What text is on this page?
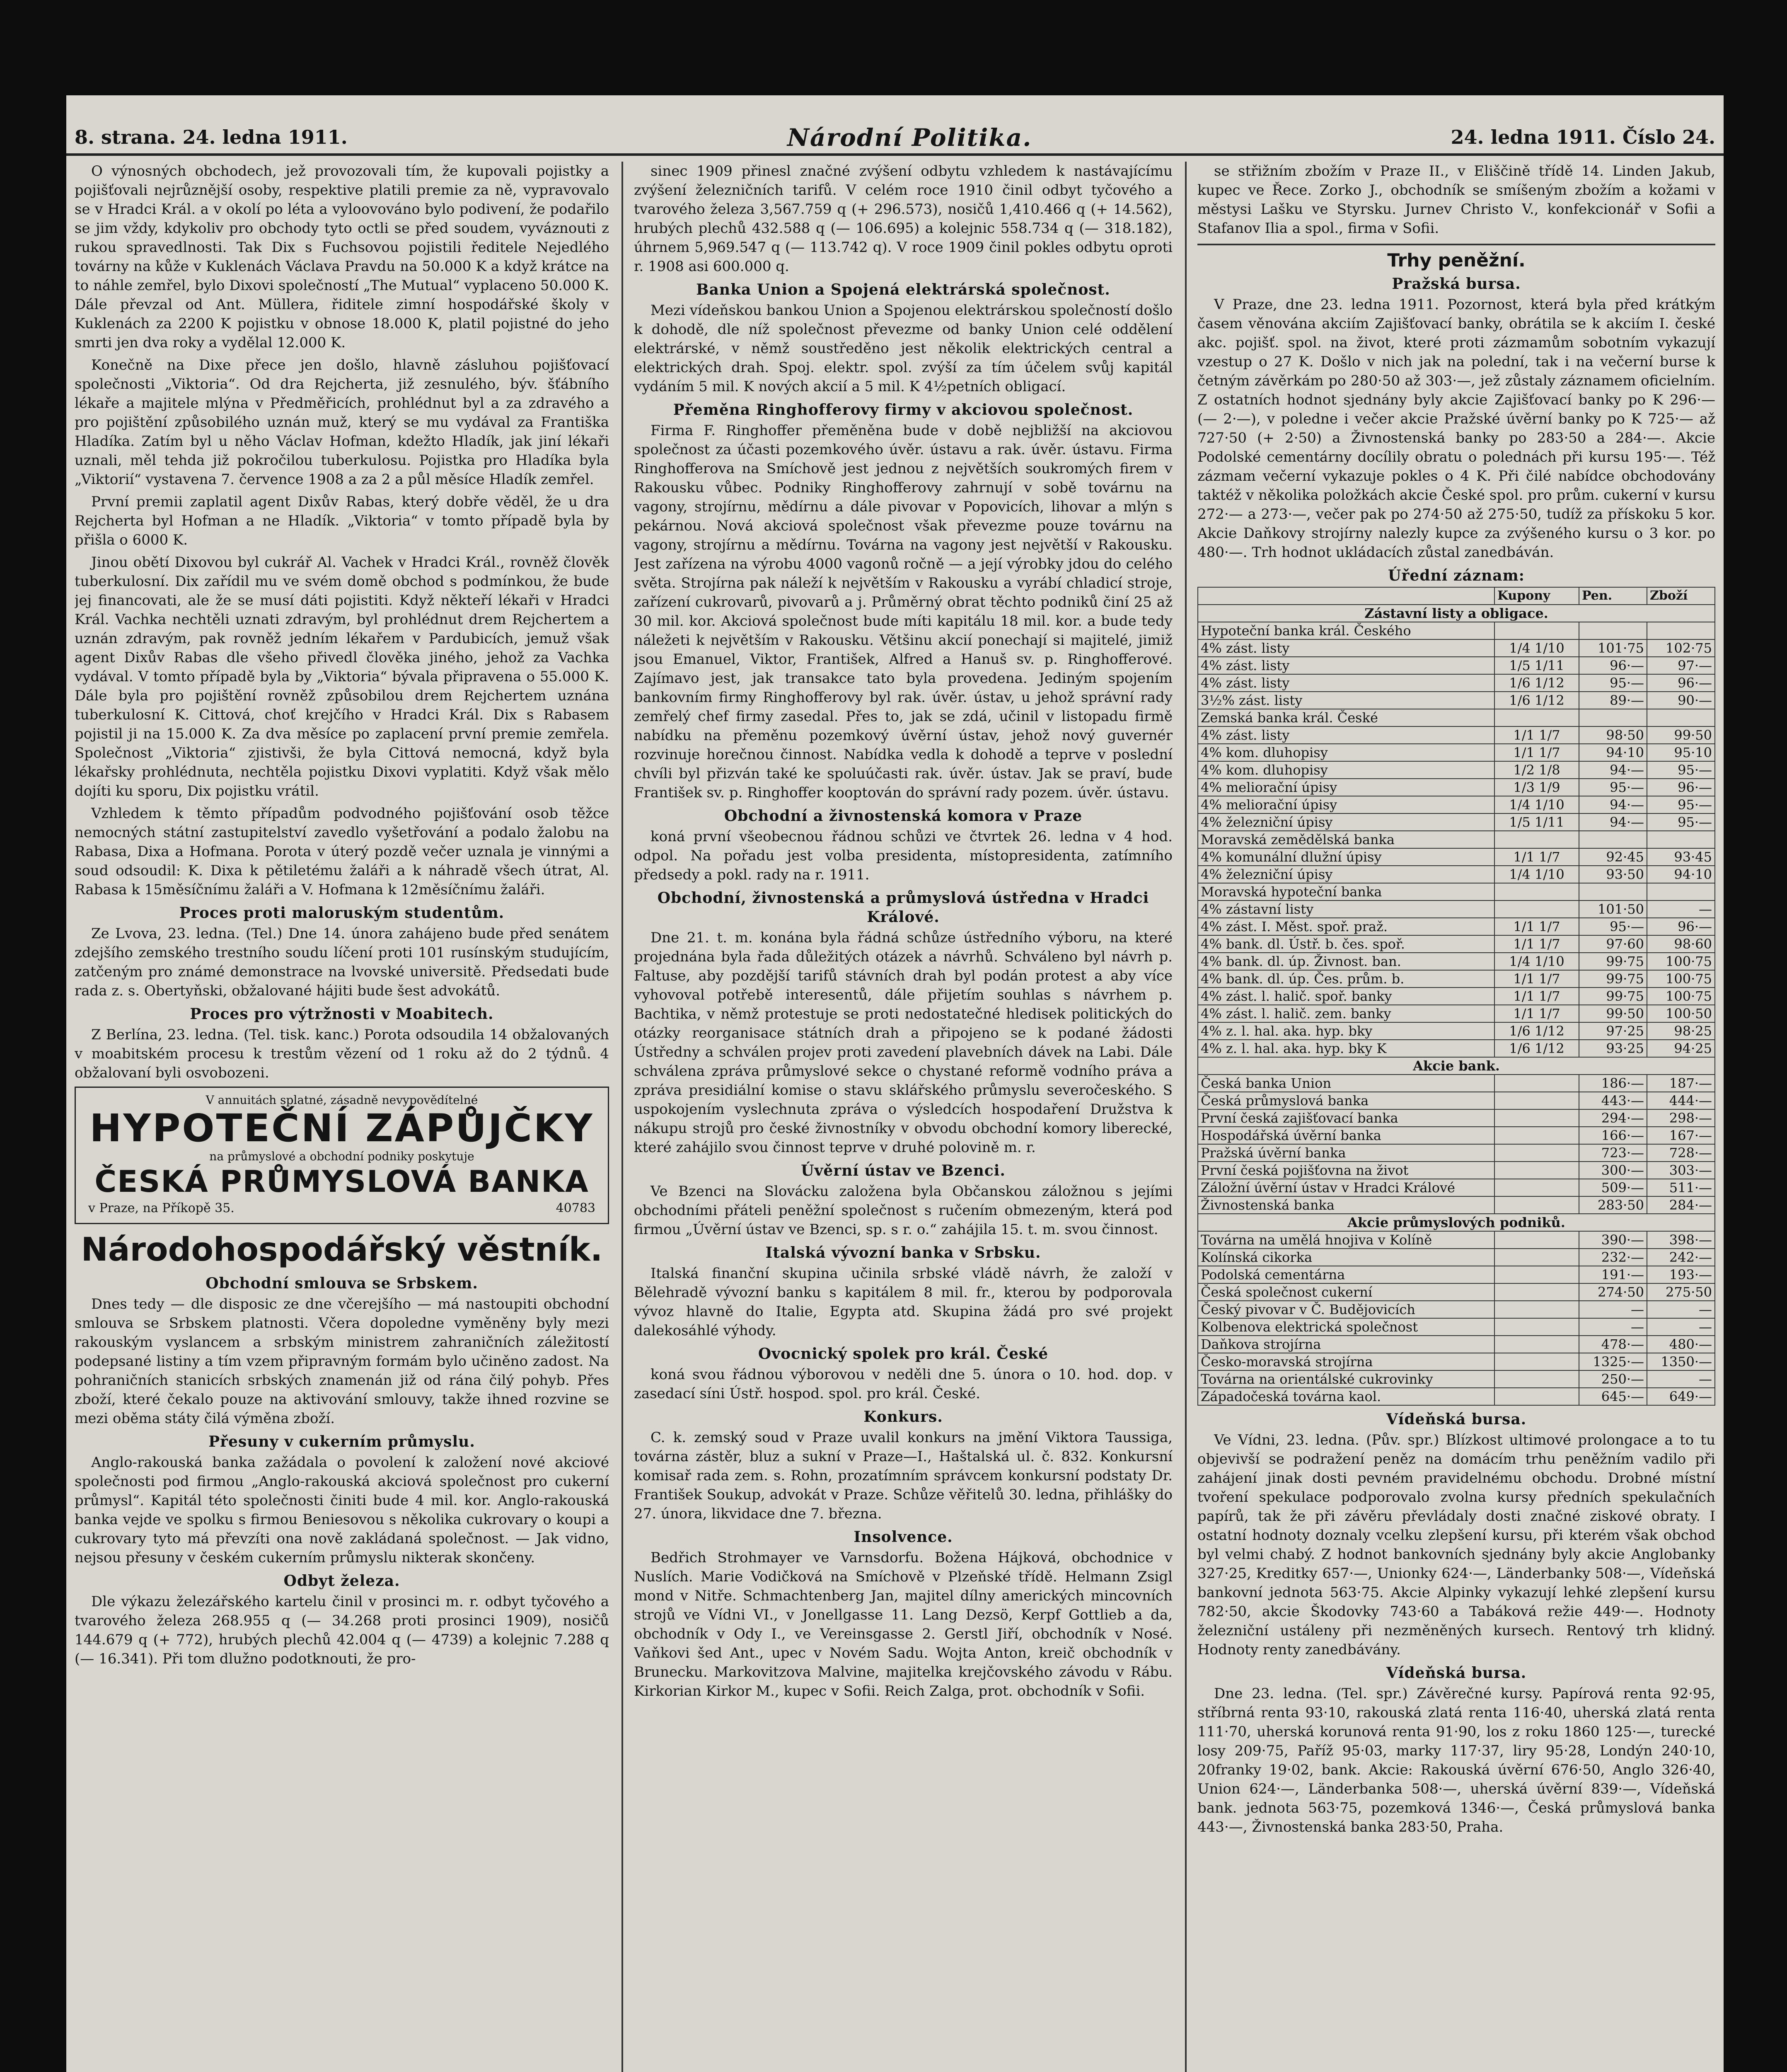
8. strana. 24. ledna 1911.	Národní Politika.	24. ledna 1911. Číslo 24.

O výnosných obchodech, jež provozovali tím, že kupovali pojistky a pojišťovali nejrůznější osoby, respektive platili premie za ně, vypravovalo se v Hradci Král. a v okolí po léta a vyloovováno bylo podivení, že podařilo se jim vždy, kdykoliv pro obchody tyto octli se před soudem, vyváznouti z rukou spravedlnosti. Tak Dix s Fuchsovou pojistili ředitele Nejedlého továrny na kůže v Kuklenách Václava Pravdu na 50.000 K a když krátce na to náhle zemřel, bylo Dixovi společností „The Mutual“ vyplaceno 50.000 K. Dále převzal od Ant. Müllera, řiditele zimní hospodářské školy v Kuklenách za 2200 K pojistku v obnose 18.000 K, platil pojistné do jeho smrti jen dva roky a vydělal 12.000 K.

Konečně na Dixe přece jen došlo, hlavně zásluhou pojišťovací společnosti „Viktoria“. Od dra Rejcherta, již zesnulého, býv. šťábního lékaře a majitele mlýna v Předměřicích, prohlédnut byl a za zdravého a pro pojištění způsobilého uznán muž, který se mu vydával za Františka Hladíka. Zatím byl u něho Václav Hofman, kdežto Hladík, jak jiní lékaři uznali, měl tehda již pokročilou tuberkulosu. Pojistka pro Hladíka byla „Viktorií“ vystavena 7. července 1908 a za 2 a půl měsíce Hladík zemřel.

První premii zaplatil agent Dixův Rabas, který dobře věděl, že u dra Rejcherta byl Hofman a ne Hladík. „Viktoria“ v tomto případě byla by přišla o 6000 K.

Jinou obětí Dixovou byl cukrář Al. Vachek v Hradci Král., rovněž člověk tuberkulosní. Dix zařídil mu ve svém domě obchod s podmínkou, že bude jej financovati, ale že se musí dáti pojistiti. Když někteří lékaři v Hradci Král. Vachka nechtěli uznati zdravým, byl prohlédnut drem Rejchertem a uznán zdravým, pak rovněž jedním lékařem v Pardubicích, jemuž však agent Dixův Rabas dle všeho přivedl člověka jiného, jehož za Vachka vydával. V tomto případě byla by „Viktoria“ bývala připravena o 55.000 K. Dále byla pro pojištění rovněž způsobilou drem Rejchertem uznána tuberkulosní K. Cittová, choť krejčího v Hradci Král. Dix s Rabasem pojistil ji na 15.000 K. Za dva měsíce po zaplacení první premie zemřela. Společnost „Viktoria“ zjistivši, že byla Cittová nemocná, když byla lékařsky prohlédnuta, nechtěla pojistku Dixovi vyplatiti. Když však mělo dojíti ku sporu, Dix pojistku vrátil.

Vzhledem k těmto případům podvodného pojišťování osob těžce nemocných státní zastupitelství zavedlo vyšetřování a podalo žalobu na Rabasa, Dixa a Hofmana. Porota v úterý pozdě večer uznala je vinnými a soud odsoudil: K. Dixa k pětiletému žaláři a k náhradě všech útrat, Al. Rabasa k 15měsíčnímu žaláři a V. Hofmana k 12měsíčnímu žaláři.

Proces proti maloruským studentům.

Ze Lvova, 23. ledna. (Tel.) Dne 14. února zahájeno bude před senátem zdejšího zemského trestního soudu líčení proti 101 rusínským studujícím, zatčeným pro známé demonstrace na lvovské universitě. Předsedati bude rada z. s. Obertyňski, obžalované hájiti bude šest advokátů.

Proces pro výtržnosti v Moabitech.

Z Berlína, 23. ledna. (Tel. tisk. kanc.) Porota odsoudila 14 obžalovaných v moabitském procesu k trestům vězení od 1 roku až do 2 týdnů. 4 obžalovaní byli osvobozeni.

V annuitách splatné, zásadně nevypovědítelné
HYPOTEČNÍ ZÁPŮJČKY
na průmyslové a obchodní podniky poskytuje
ČESKÁ PRŮMYSLOVÁ BANKA
v Praze, na Příkopě 35.	40783
Národohospodářský věstník.
Obchodní smlouva se Srbskem.

Dnes tedy — dle disposic ze dne včerejšího — má nastoupiti obchodní smlouva se Srbskem platnosti. Včera dopoledne vyměněny byly mezi rakouským vyslancem a srbským ministrem zahraničních záležitostí podepsané listiny a tím vzem připravným formám bylo učiněno zadost. Na pohraničních stanicích srbských znamenán již od rána čilý pohyb. Přes zboží, které čekalo pouze na aktivování smlouvy, takže ihned rozvine se mezi oběma státy čilá výměna zboží.

Přesuny v cukerním průmyslu.

Anglo-rakouská banka zažádala o povolení k založení nové akciové společnosti pod firmou „Anglo-rakouská akciová společnost pro cukerní průmysl“. Kapitál této společnosti činiti bude 4 mil. kor. Anglo-rakouská banka vejde ve spolku s firmou Beniesovou s několika cukrovary o koupi a cukrovary tyto má převzíti ona nově zakládaná společnost. — Jak vidno, nejsou přesuny v českém cukerním průmyslu nikterak skončeny.

Odbyt železa.

Dle výkazu železářského kartelu činil v prosinci m. r. odbyt tyčového a tvarového železa 268.955 q (— 34.268 proti prosinci 1909), nosičů 144.679 q (+ 772), hrubých plechů 42.004 q (— 4739) a kolejnic 7.288 q (— 16.341). Při tom dlužno podotknouti, že pro-

sinec 1909 přinesl značné zvýšení odbytu vzhledem k nastávajícímu zvýšení železničních tarifů. V celém roce 1910 činil odbyt tyčového a tvarového železa 3,567.759 q (+ 296.573), nosičů 1,410.466 q (+ 14.562), hrubých plechů 432.588 q (— 106.695) a kolejnic 558.734 q (— 318.182), úhrnem 5,969.547 q (— 113.742 q). V roce 1909 činil pokles odbytu oproti r. 1908 asi 600.000 q.

Banka Union a Spojená elektrárská společnost.

Mezi vídeňskou bankou Union a Spojenou elektrárskou společností došlo k dohodě, dle níž společnost převezme od banky Union celé oddělení elektrárské, v němž soustředěno jest několik elektrických central a elektrických drah. Spoj. elektr. spol. zvýší za tím účelem svůj kapitál vydáním 5 mil. K nových akcií a 5 mil. K 4½petních obligací.

Přeměna Ringhofferovy firmy v akciovou společnost.

Firma F. Ringhoffer přeměněna bude v době nejbližší na akciovou společnost za účasti pozemkového úvěr. ústavu a rak. úvěr. ústavu. Firma Ringhofferova na Smíchově jest jednou z největších soukromých firem v Rakousku vůbec. Podniky Ringhofferovy zahrnují v sobě továrnu na vagony, strojírnu, mědírnu a dále pivovar v Popovicích, lihovar a mlýn s pekárnou. Nová akciová společnost však převezme pouze továrnu na vagony, strojírnu a mědírnu. Továrna na vagony jest největší v Rakousku. Jest zařízena na výrobu 4000 vagonů ročně — a její výrobky jdou do celého světa. Strojírna pak náleží k největším v Rakousku a vyrábí chladicí stroje, zařízení cukrovarů, pivovarů a j. Průměrný obrat těchto podniků činí 25 až 30 mil. kor. Akciová společnost bude míti kapitálu 18 mil. kor. a bude tedy náležeti k největším v Rakousku. Většinu akcií ponechají si majitelé, jimiž jsou Emanuel, Viktor, František, Alfred a Hanuš sv. p. Ringhofferové. Zajímavo jest, jak transakce tato byla provedena. Jediným spojením bankovním firmy Ringhofferovy byl rak. úvěr. ústav, u jehož správní rady zemřelý chef firmy zasedal. Přes to, jak se zdá, učinil v listopadu firmě nabídku na přeměnu pozemkový úvěrní ústav, jehož nový guvernér rozvinuje horečnou činnost. Nabídka vedla k dohodě a teprve v poslední chvíli byl přizván také ke spoluúčasti rak. úvěr. ústav. Jak se praví, bude František sv. p. Ringhoffer kooptován do správní rady pozem. úvěr. ústavu.

Obchodní a živnostenská komora v Praze

koná první všeobecnou řádnou schůzi ve čtvrtek 26. ledna v 4 hod. odpol. Na pořadu jest volba presidenta, místopresidenta, zatímního předsedy a pokl. rady na r. 1911.

Obchodní, živnostenská a průmyslová ústředna v Hradci Králové.

Dne 21. t. m. konána byla řádná schůze ústředního výboru, na které projednána byla řada důležitých otázek a návrhů. Schváleno byl návrh p. Faltuse, aby pozdější tarifů stávních drah byl podán protest a aby více vyhovoval potřebě interesentů, dále přijetím souhlas s návrhem p. Bachtika, v němž protestuje se proti nedostatečné hledisek politických do otázky reorganisace státních drah a připojeno se k podané žádosti Ústředny a schválen projev proti zavedení plavebních dávek na Labi. Dále schválena zpráva průmyslové sekce o chystané reformě vodního práva a zpráva presidiální komise o stavu sklářského průmyslu severočeského. S uspokojením vyslechnuta zpráva o výsledcích hospodaření Družstva k nákupu strojů pro české živnostníky v obvodu obchodní komory liberecké, které zahájilo svou činnost teprve v druhé polovině m. r.

Úvěrní ústav ve Bzenci.

Ve Bzenci na Slovácku založena byla Občanskou záložnou s jejími obchodními přáteli peněžní společnost s ručením obmezeným, která pod firmou „Úvěrní ústav ve Bzenci, sp. s r. o.“ zahájila 15. t. m. svou činnost.

Italská vývozní banka v Srbsku.

Italská finanční skupina učinila srbské vládě návrh, že založí v Bělehradě vývozní banku s kapitálem 8 mil. fr., kterou by podporovala vývoz hlavně do Italie, Egypta atd. Skupina žádá pro své projekt dalekosáhlé výhody.

Ovocnický spolek pro král. České

koná svou řádnou výborovou v neděli dne 5. února o 10. hod. dop. v zasedací síni Ústř. hospod. spol. pro král. České.

Konkurs.

C. k. zemský soud v Praze uvalil konkurs na jmění Viktora Taussiga, továrna zástěr, bluz a sukní v Praze—I., Haštalská ul. č. 832. Konkursní komisař rada zem. s. Rohn, prozatímním správcem konkursní podstaty Dr. František Soukup, advokát v Praze. Schůze věřitelů 30. ledna, přihlášky do 27. února, likvidace dne 7. března.

Insolvence.

Bedřich Strohmayer ve Varnsdorfu. Božena Hájková, obchodnice v Nuslích. Marie Vodičková na Smíchově v Plzeňské třídě. Helmann Zsigl mond v Nitře. Schmachtenberg Jan, majitel dílny amerických mincovních strojů ve Vídni VI., v Jonellgasse 11. Lang Dezsö, Kerpf Gottlieb a da, obchodník v Ody I., ve Vereinsgasse 2. Gerstl Jiří, obchodník v Nosé. Vaňkovi šed Ant., upec v Novém Sadu. Wojta Anton, kreič obchodník v Brunecku. Markovitzova Malvine, majitelka krejčovského závodu v Rábu. Kirkorian Kirkor M., kupec v Sofii. Reich Zalga, prot. obchodník v Sofii.

se střižním zbožím v Praze II., v Eliščině třídě 14. Linden Jakub, kupec ve Řece. Zorko J., obchodník se smíšeným zbožím a kožami v městysi Lašku ve Styrsku. Jurnev Christo V., konfekcionář v Sofii a Stafanov Ilia a spol., firma v Sofii.

Trhy peněžní.
Pražská bursa.

V Praze, dne 23. ledna 1911. Pozornost, která byla před krátkým časem věnována akciím Zajišťovací banky, obrátila se k akciím I. české akc. pojišť. spol. na život, které proti zázmamům sobotním vykazují vzestup o 27 K. Došlo v nich jak na polední, tak i na večerní burse k četným závěrkám po 280·50 až 303·—, jež zůstaly záznamem oficielním. Z ostatních hodnot sjednány byly akcie Zajišťovací banky po K 296·— (— 2·—), v poledne i večer akcie Pražské úvěrní banky po K 725·— až 727·50 (+ 2·50) a Živnostenská banky po 283·50 a 284·—. Akcie Podolské cementárny docílily obratu o polednách při kursu 195·—. Též zázmam večerní vykazuje pokles o 4 K. Při čilé nabídce obchodovány taktéž v několika položkách akcie České spol. pro prům. cukerní v kursu 272·— a 273·—, večer pak po 274·50 až 275·50, tudíž za přískoku 5 kor. Akcie Daňkovy strojírny nalezly kupce za zvýšeného kursu o 3 kor. po 480·—. Trh hodnot ukládacích zůstal zanedbáván.

Úřední záznam:
	Kupony	Pen.	Zboží
Zástavní listy a obligace.			
Hypoteční banka král. Českého			
4% zást. listy	1/4 1/10	101·75	102·75
4% zást. listy	1/5 1/11	96·—	97·—
4% zást. listy	1/6 1/12	95·—	96·—
3½% zást. listy	1/6 1/12	89·—	90·—
Zemská banka král. České			
4% zást. listy	1/1 1/7	98·50	99·50
4% kom. dluhopisy	1/1 1/7	94·10	95·10
4% kom. dluhopisy	1/2 1/8	94·—	95·—
4% meliorační úpisy	1/3 1/9	95·—	96·—
4% meliorační úpisy	1/4 1/10	94·—	95·—
4% železniční úpisy	1/5 1/11	94·—	95·—
Moravská zemědělská banka			
4% komunální dlužní úpisy	1/1 1/7	92·45	93·45
4% železniční úpisy	1/4 1/10	93·50	94·10
Moravská hypoteční banka			
4% zástavní listy		101·50	—
4% zást. I. Měst. spoř. praž.	1/1 1/7	95·—	96·—
4% bank. dl. Ústř. b. čes. spoř.	1/1 1/7	97·60	98·60
4% bank. dl. úp. Živnost. ban.	1/4 1/10	99·75	100·75
4% bank. dl. úp. Čes. prům. b.	1/1 1/7	99·75	100·75
4% zást. l. halič. spoř. banky	1/1 1/7	99·75	100·75
4% zást. l. halič. zem. banky	1/1 1/7	99·50	100·50
4% z. l. hal. aka. hyp. bky	1/6 1/12	97·25	98·25
4% z. l. hal. aka. hyp. bky K	1/6 1/12	93·25	94·25
Akcie bank.			
Česká banka Union		186·—	187·—
Česká průmyslová banka		443·—	444·—
První česká zajišťovací banka		294·—	298·—
Hospodářská úvěrní banka		166·—	167·—
Pražská úvěrní banka		723·—	728·—
První česká pojišťovna na život		300·—	303·—
Záložní úvěrní ústav v Hradci Králové		509·—	511·—
Živnostenská banka		283·50	284·—
Akcie průmyslových podniků.			
Továrna na umělá hnojiva v Kolíně		390·—	398·—
Kolínská cikorka		232·—	242·—
Podolská cementárna		191·—	193·—
Česká společnost cukerní		274·50	275·50
Český pivovar v Č. Budějovicích		—	—
Kolbenova elektrická společnost		—	—
Daňkova strojírna		478·—	480·—
Česko-moravská strojírna		1325·—	1350·—
Továrna na orientálské cukrovinky		250·—	—
Západočeská továrna kaol.		645·—	649·—
Vídeňská bursa.

Ve Vídni, 23. ledna. (Pův. spr.) Blízkost ultimové prolongace a to tu objevivší se podražení peněz na domácím trhu peněžním vadilo při zahájení jinak dosti pevném pravidelnému obchodu. Drobné místní tvoření spekulace podporovalo zvolna kursy předních spekulačních papírů, tak že při závěru převládaly dosti značné ziskové obraty. I ostatní hodnoty doznaly vcelku zlepšení kursu, při kterém však obchod byl velmi chabý. Z hodnot bankovních sjednány byly akcie Anglobanky 327·25, Kreditky 657·—, Unionky 624·—, Länderbanky 508·—, Vídeňská bankovní jednota 563·75. Akcie Alpinky vykazují lehké zlepšení kursu 782·50, akcie Škodovky 743·60 a Tabáková režie 449·—. Hodnoty železniční ustáleny při nezměněných kursech. Rentový trh klidný. Hodnoty renty zanedbávány.

Vídeňská bursa.

Dne 23. ledna. (Tel. spr.) Závěrečné kursy. Papírová renta 92·95, stříbrná renta 93·10, rakouská zlatá renta 116·40, uherská zlatá renta 111·70, uherská korunová renta 91·90, los z roku 1860 125·—, turecké losy 209·75, Paříž 95·03, marky 117·37, liry 95·28, Londýn 240·10, 20franky 19·02, bank. Akcie: Rakouská úvěrní 676·50, Anglo 326·40, Union 624·—, Länderbanka 508·—, uherská úvěrní 839·—, Vídeňská bank. jednota 563·75, pozemková 1346·—, Česká průmyslová banka 443·—, Živnostenská banka 283·50, Praha.
